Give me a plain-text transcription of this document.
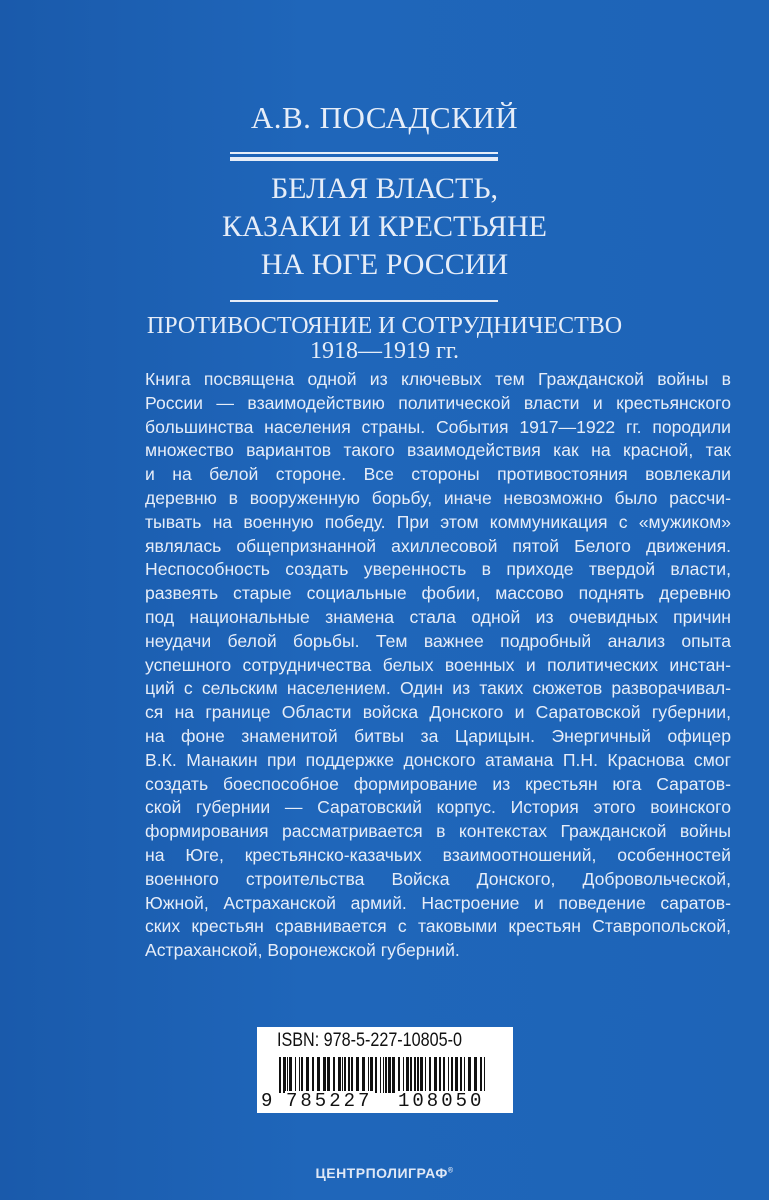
А.В. ПОСАДСКИЙ
БЕЛАЯ ВЛАСТЬ,
КАЗАКИ И КРЕСТЬЯНЕ
НА ЮГЕ РОССИИ
ПРОТИВОСТОЯНИЕ И СОТРУДНИЧЕСТВО
1918—1919 гг.
Книга посвящена одной из ключевых тем Гражданской войны в
России — взаимодействию политической власти и крестьянского
большинства населения страны. События 1917—1922 гг. породили
множество вариантов такого взаимодействия как на красной, так
и на белой стороне. Все стороны противостояния вовлекали
деревню в вооруженную борьбу, иначе невозможно было рассчи-
тывать на военную победу. При этом коммуникация с «мужиком»
являлась общепризнанной ахиллесовой пятой Белого движения.
Неспособность создать уверенность в приходе твердой власти,
развеять старые социальные фобии, массово поднять деревню
под национальные знамена стала одной из очевидных причин
неудачи белой борьбы. Тем важнее подробный анализ опыта
успешного сотрудничества белых военных и политических инстан-
ций с сельским населением. Один из таких сюжетов разворачивал-
ся на границе Области войска Донского и Саратовской губернии,
на фоне знаменитой битвы за Царицын. Энергичный офицер
В.К. Манакин при поддержке донского атамана П.Н. Краснова смог
создать боеспособное формирование из крестьян юга Саратов-
ской губернии — Саратовский корпус. История этого воинского
формирования рассматривается в контекстах Гражданской войны
на Юге, крестьянско-казачьих взаимоотношений, особенностей
военного строительства Войска Донского, Добровольческой,
Южной, Астраханской армий. Настроение и поведение саратов-
ских крестьян сравнивается с таковыми крестьян Ставропольской,
Астраханской, Воронежской губерний.
ISBN: 978-5-227-10805-0
9 785227 108050
ЦЕНТРПОЛИГРАФ®
